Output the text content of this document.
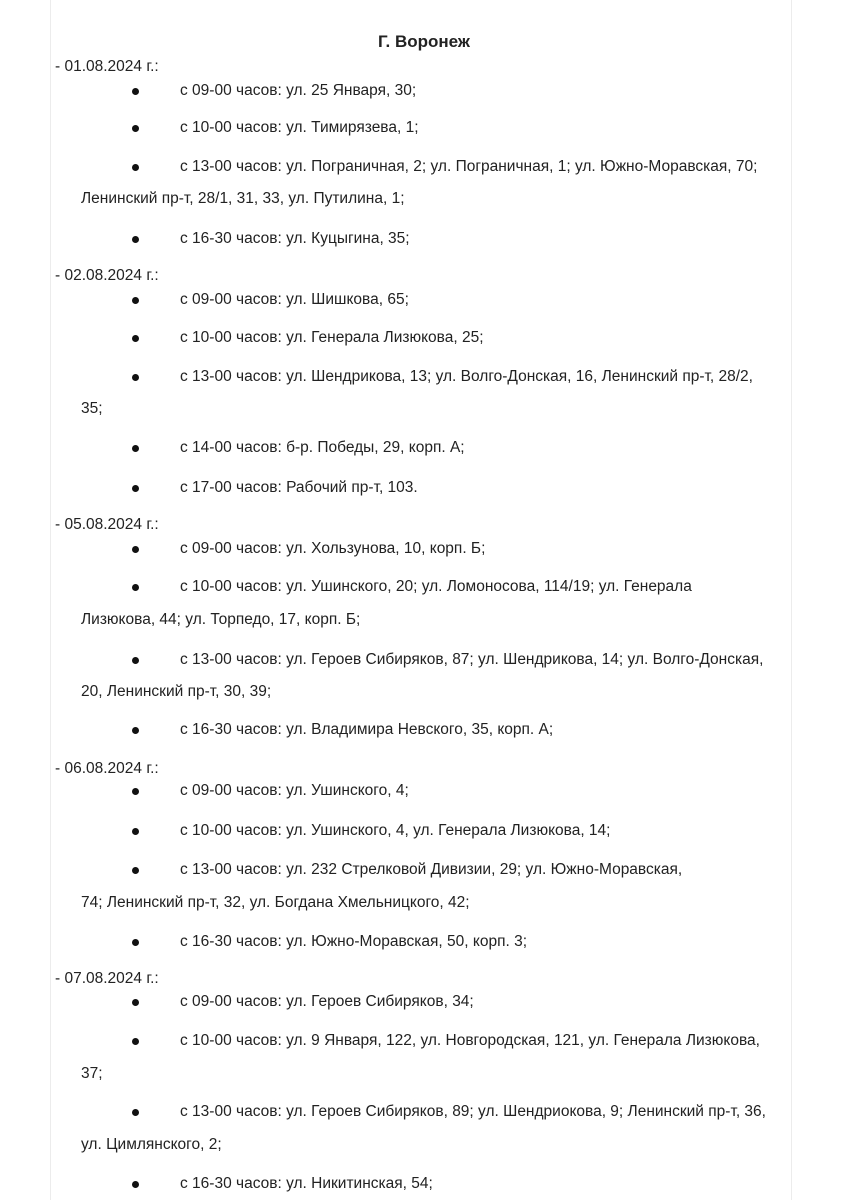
Г. Воронеж
- 01.08.2024 г.:
с 09-00 часов: ул. 25 Января, 30;
с 10-00 часов: ул. Тимирязева, 1;
с 13-00 часов: ул. Пограничная, 2; ул. Пограничная, 1; ул. Южно-Моравская, 70;
Ленинский пр-т, 28/1, 31, 33, ул. Путилина, 1;
с 16-30 часов: ул. Куцыгина, 35;
- 02.08.2024 г.:
с 09-00 часов: ул. Шишкова, 65;
с 10-00 часов: ул. Генерала Лизюкова, 25;
с 13-00 часов: ул. Шендрикова, 13; ул. Волго-Донская, 16, Ленинский пр-т, 28/2,
35;
с 14-00 часов: б-р. Победы, 29, корп. А;
с 17-00 часов: Рабочий пр-т, 103.
- 05.08.2024 г.:
с 09-00 часов: ул. Хользунова, 10, корп. Б;
с 10-00 часов: ул. Ушинского, 20; ул. Ломоносова, 114/19; ул. Генерала
Лизюкова, 44; ул. Торпедо, 17, корп. Б;
с 13-00 часов: ул. Героев Сибиряков, 87; ул. Шендрикова, 14; ул. Волго-Донская,
20, Ленинский пр-т, 30, 39;
с 16-30 часов: ул. Владимира Невского, 35, корп. А;
- 06.08.2024 г.:
с 09-00 часов: ул. Ушинского, 4;
с 10-00 часов: ул. Ушинского, 4, ул. Генерала Лизюкова, 14;
с 13-00 часов: ул. 232 Стрелковой Дивизии, 29; ул. Южно-Моравская,
74; Ленинский пр-т, 32, ул. Богдана Хмельницкого, 42;
с 16-30 часов: ул. Южно-Моравская, 50, корп. 3;
- 07.08.2024 г.:
с 09-00 часов: ул. Героев Сибиряков, 34;
с 10-00 часов: ул. 9 Января, 122, ул. Новгородская, 121, ул. Генерала Лизюкова,
37;
с 13-00 часов: ул. Героев Сибиряков, 89; ул. Шендриокова, 9; Ленинский пр-т, 36,
ул. Цимлянского, 2;
с 16-30 часов: ул. Никитинская, 54;
